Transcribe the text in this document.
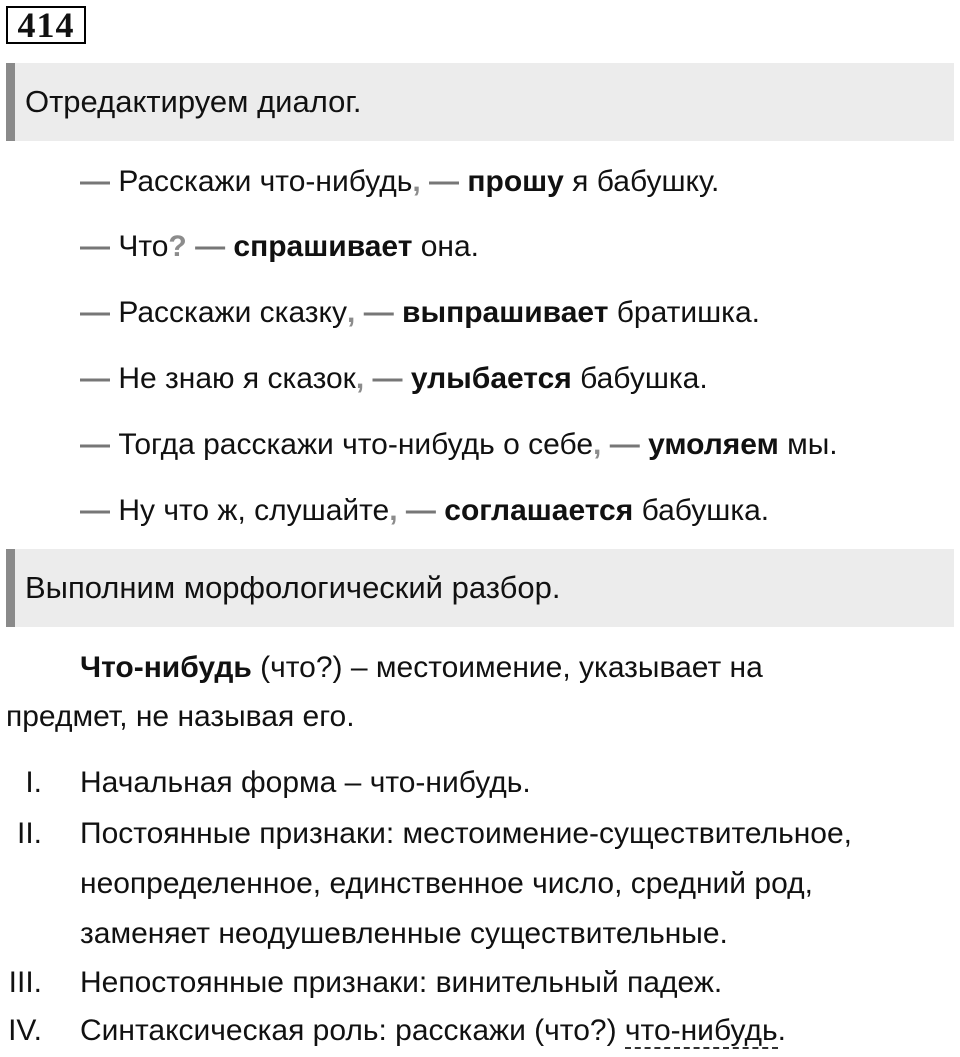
414
Отредактируем диалог.
— Расскажи что-нибудь, — прошу я бабушку.
— Что? — спрашивает она.
— Расскажи сказку, — выпрашивает братишка.
— Не знаю я сказок, — улыбается бабушка.
— Тогда расскажи что-нибудь о себе, — умоляем мы.
— Ну что ж, слушайте, — соглашается бабушка.
Выполним морфологический разбор.
Что-нибудь (что?) – местоимение, указывает на
предмет, не называя его.
I. Начальная форма – что-нибудь.
II. Постоянные признаки: местоимение-существительное,
неопределенное, единственное число, средний род,
заменяет неодушевленные существительные.
III. Непостоянные признаки: винительный падеж.
IV. Синтаксическая роль: расскажи (что?) что-нибудь.
